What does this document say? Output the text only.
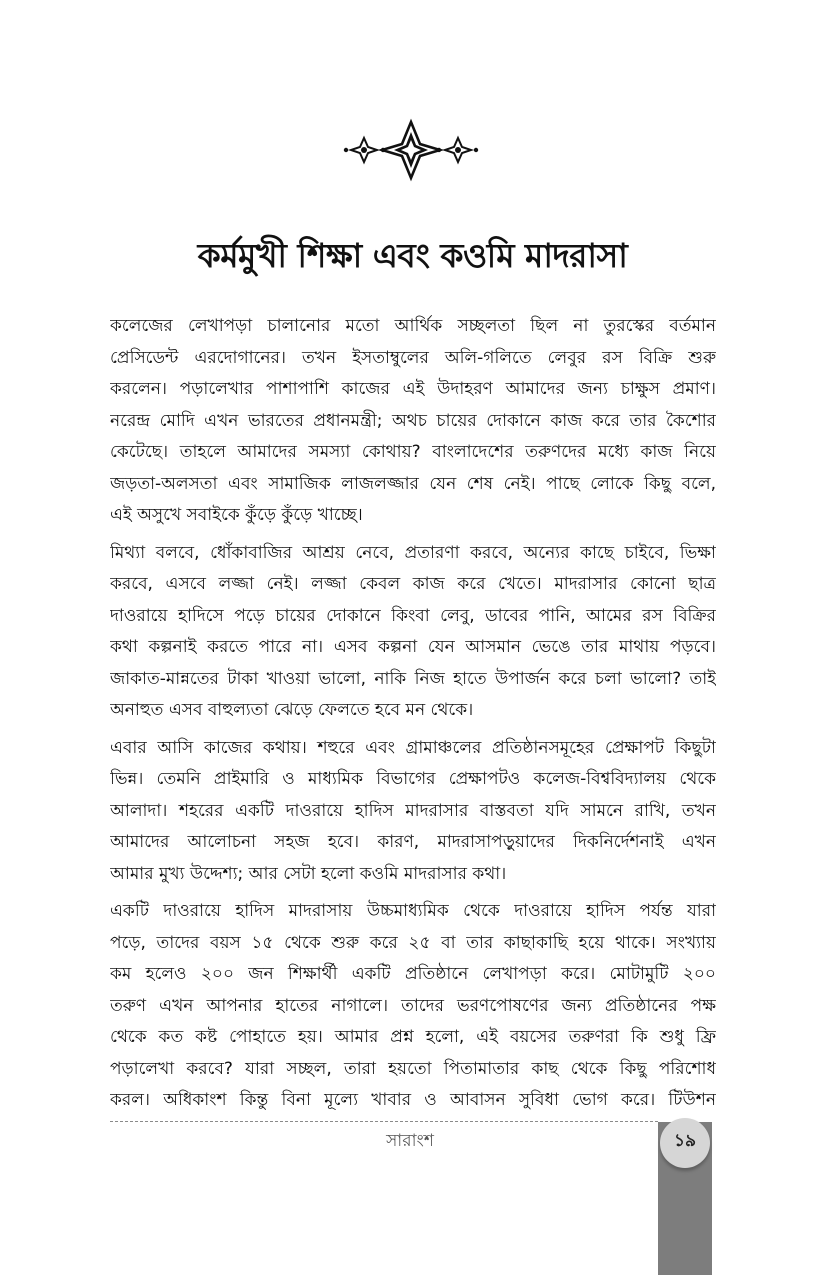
কর্মমুখী শিক্ষা এবং কওমি মাদরাসা
কলেজের লেখাপড়া চালানোর মতো আর্থিক সচ্ছলতা ছিল না তুরস্কের বর্তমান
প্রেসিডেন্ট এরদোগানের। তখন ইসতাম্বুলের অলি-গলিতে লেবুর রস বিক্রি শুরু
করলেন। পড়ালেখার পাশাপাশি কাজের এই উদাহরণ আমাদের জন্য চাক্ষুস প্রমাণ।
নরেন্দ্র মোদি এখন ভারতের প্রধানমন্ত্রী; অথচ চায়ের দোকানে কাজ করে তার কৈশোর
কেটেছে। তাহলে আমাদের সমস্যা কোথায়? বাংলাদেশের তরুণদের মধ্যে কাজ নিয়ে
জড়তা-অলসতা এবং সামাজিক লাজলজ্জার যেন শেষ নেই। পাছে লোকে কিছু বলে,
এই অসুখে সবাইকে কুঁড়ে কুঁড়ে খাচ্ছে।
মিথ্যা বলবে, ধোঁকাবাজির আশ্রয় নেবে, প্রতারণা করবে, অন্যের কাছে চাইবে, ভিক্ষা
করবে, এসবে লজ্জা নেই। লজ্জা কেবল কাজ করে খেতে। মাদরাসার কোনো ছাত্র
দাওরায়ে হাদিসে পড়ে চায়ের দোকানে কিংবা লেবু, ডাবের পানি, আমের রস বিক্রির
কথা কল্পনাই করতে পারে না। এসব কল্পনা যেন আসমান ভেঙে তার মাথায় পড়বে।
জাকাত-মান্নতের টাকা খাওয়া ভালো, নাকি নিজ হাতে উপার্জন করে চলা ভালো? তাই
অনাহুত এসব বাহুল্যতা ঝেড়ে ফেলতে হবে মন থেকে।
এবার আসি কাজের কথায়। শহুরে এবং গ্রামাঞ্চলের প্রতিষ্ঠানসমূহের প্রেক্ষাপট কিছুটা
ভিন্ন। তেমনি প্রাইমারি ও মাধ্যমিক বিভাগের প্রেক্ষাপটও কলেজ-বিশ্ববিদ্যালয় থেকে
আলাদা। শহরের একটি দাওরায়ে হাদিস মাদরাসার বাস্তবতা যদি সামনে রাখি, তখন
আমাদের আলোচনা সহজ হবে। কারণ, মাদরাসাপড়ুয়াদের দিকনির্দেশনাই এখন
আমার মুখ্য উদ্দেশ্য; আর সেটা হলো কওমি মাদরাসার কথা।
একটি দাওরায়ে হাদিস মাদরাসায় উচ্চমাধ্যমিক থেকে দাওরায়ে হাদিস পর্যন্ত যারা
পড়ে, তাদের বয়স ১৫ থেকে শুরু করে ২৫ বা তার কাছাকাছি হয়ে থাকে। সংখ্যায়
কম হলেও ২০০ জন শিক্ষার্থী একটি প্রতিষ্ঠানে লেখাপড়া করে। মোটামুটি ২০০
তরুণ এখন আপনার হাতের নাগালে। তাদের ভরণপোষণের জন্য প্রতিষ্ঠানের পক্ষ
থেকে কত কষ্ট পোহাতে হয়। আমার প্রশ্ন হলো, এই বয়সের তরুণরা কি শুধু ফ্রি
পড়ালেখা করবে? যারা সচ্ছল, তারা হয়তো পিতামাতার কাছ থেকে কিছু পরিশোধ
করল। অধিকাংশ কিন্তু বিনা মূল্যে খাবার ও আবাসন সুবিধা ভোগ করে। টিউশন
সারাংশ	১৯
